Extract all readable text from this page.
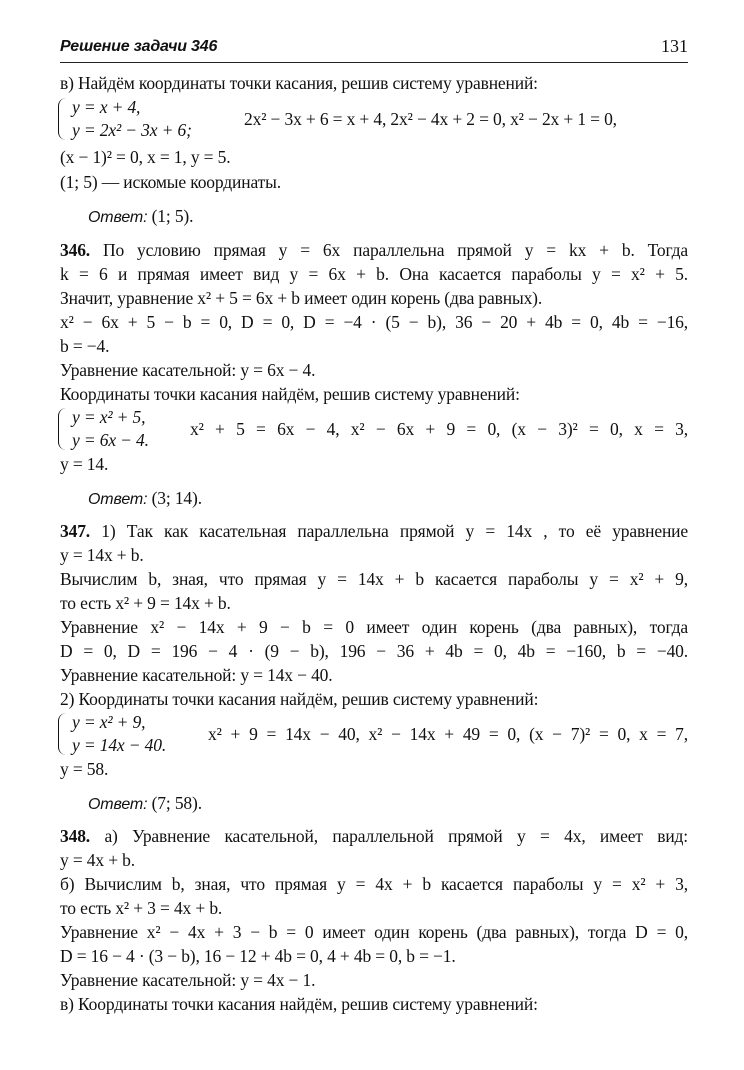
Решение задачи 346	131
в) Найдём координаты точки касания, решив систему уравнений:
y = x + 4,
y = 2x² − 3x + 6;
2x² − 3x + 6 = x + 4, 2x² − 4x + 2 = 0, x² − 2x + 1 = 0,
(x − 1)² = 0, x = 1, y = 5.
(1; 5) — искомые координаты.
Ответ: (1; 5).
346. По условию прямая y = 6x параллельна прямой y = kx + b. Тогда
k = 6 и прямая имеет вид y = 6x + b. Она касается параболы y = x² + 5.
Значит, уравнение x² + 5 = 6x + b имеет один корень (два равных).
x² − 6x + 5 − b = 0, D = 0, D = −4 · (5 − b), 36 − 20 + 4b = 0, 4b = −16,
b = −4.
Уравнение касательной: y = 6x − 4.
Координаты точки касания найдём, решив систему уравнений:
y = x² + 5,
y = 6x − 4.
x² + 5 = 6x − 4, x² − 6x + 9 = 0, (x − 3)² = 0, x = 3,
y = 14.
Ответ: (3; 14).
347. 1) Так как касательная параллельна прямой y = 14x , то её уравнение
y = 14x + b.
Вычислим b, зная, что прямая y = 14x + b касается параболы y = x² + 9,
то есть x² + 9 = 14x + b.
Уравнение x² − 14x + 9 − b = 0 имеет один корень (два равных), тогда
D = 0, D = 196 − 4 · (9 − b), 196 − 36 + 4b = 0, 4b = −160, b = −40.
Уравнение касательной: y = 14x − 40.
2) Координаты точки касания найдём, решив систему уравнений:
y = x² + 9,
y = 14x − 40.
x² + 9 = 14x − 40, x² − 14x + 49 = 0, (x − 7)² = 0, x = 7,
y = 58.
Ответ: (7; 58).
348. а) Уравнение касательной, параллельной прямой y = 4x, имеет вид:
y = 4x + b.
б) Вычислим b, зная, что прямая y = 4x + b касается параболы y = x² + 3,
то есть x² + 3 = 4x + b.
Уравнение x² − 4x + 3 − b = 0 имеет один корень (два равных), тогда D = 0,
D = 16 − 4 · (3 − b), 16 − 12 + 4b = 0, 4 + 4b = 0, b = −1.
Уравнение касательной: y = 4x − 1.
в) Координаты точки касания найдём, решив систему уравнений:
